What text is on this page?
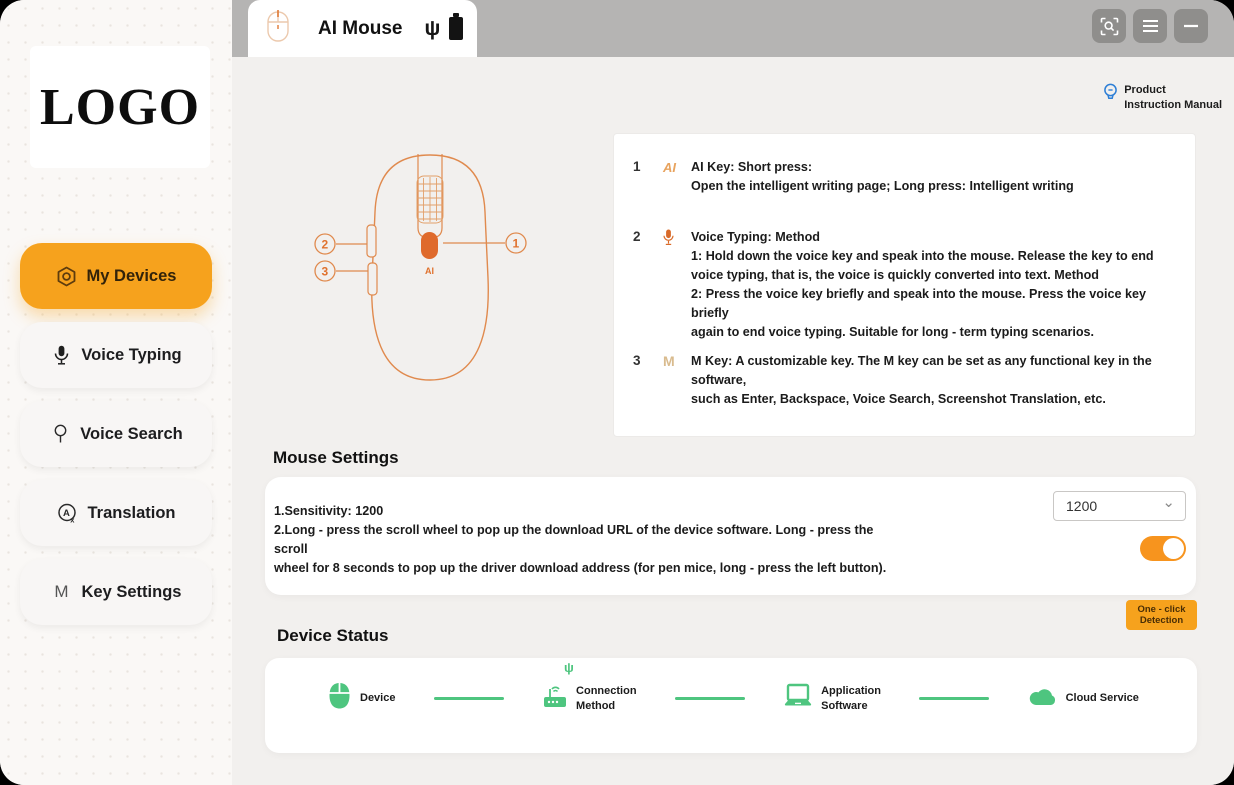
LOGO
My Devices
Voice Typing
Voice Search
A
x Translation
M Key Settings
AI Mouse ψ
Product
Instruction Manual
AI
1
2
3
1	AI	AI Key: Short press:
Open the intelligent writing page; Long press: Intelligent writing
2	Voice Typing: Method
1: Hold down the voice key and speak into the mouse. Release the key to end
voice typing, that is, the voice is quickly converted into text. Method
2: Press the voice key briefly and speak into the mouse. Press the voice key briefly
again to end voice typing. Suitable for long - term typing scenarios.
3	M	M Key: A customizable key. The M key can be set as any functional key in the software,
such as Enter, Backspace, Voice Search, Screenshot Translation, etc.
Mouse Settings
1.Sensitivity: 1200
2.Long - press the scroll wheel to pop up the download URL of the device software. Long - press the scroll
wheel for 8 seconds to pop up the driver download address (for pen mice, long - press the left button).
1200	⌄
One - click
Detection
Device Status
Device
ψ
Connection
Method
Application
Software
Cloud Service
